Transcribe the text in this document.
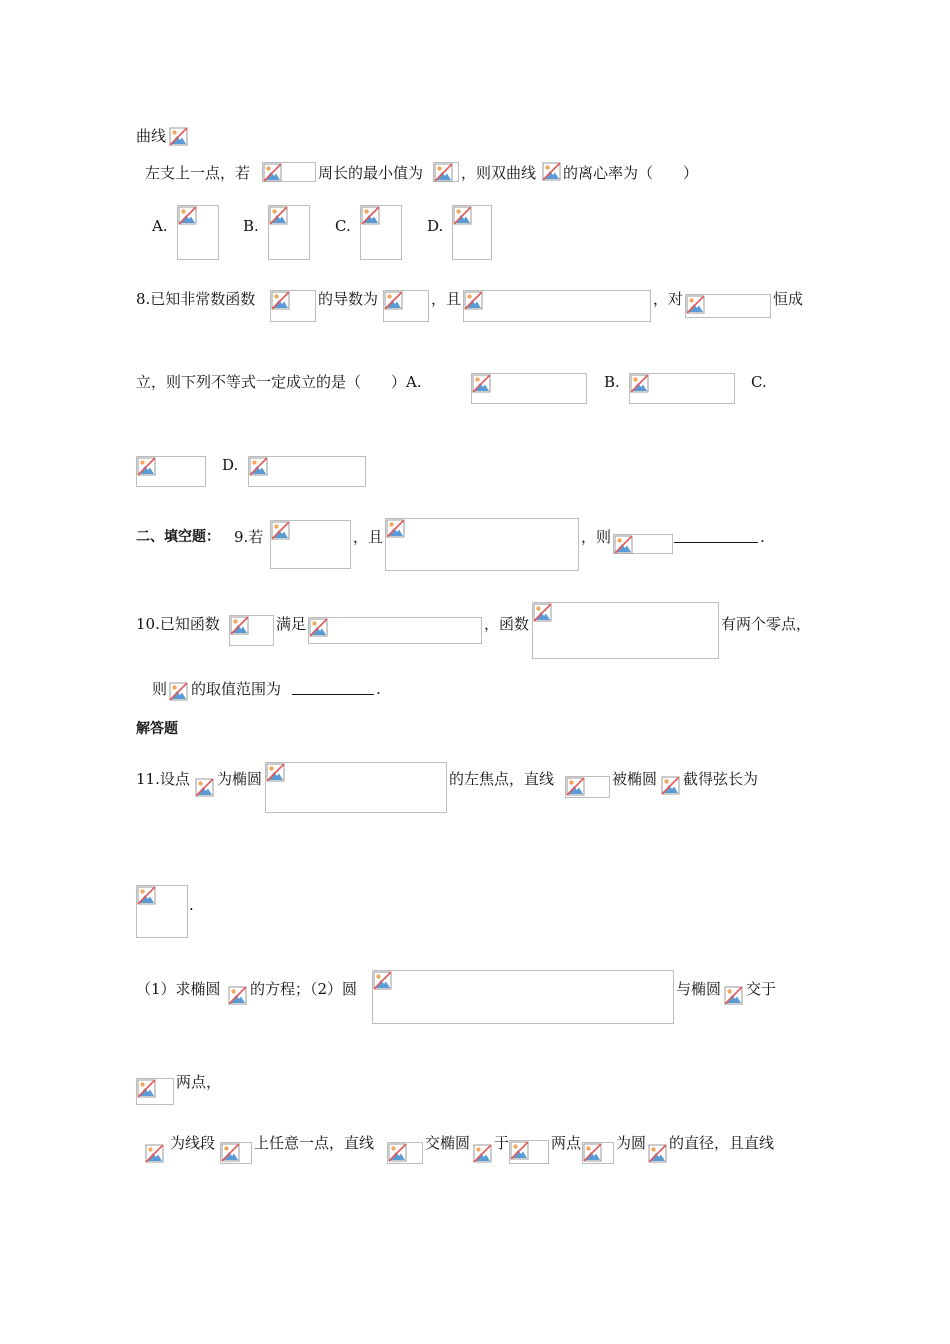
曲线
左支上一点，若	周长的最小值为	，则双曲线 的离心率为（　　）
A.	B.	C.	D.
8.已知非常数函数	的导数为	，且	，对	恒成
立，则下列不等式一定成立的是（　　）A.	B.	C.
D.
二、填空题： 9.若	，且	，则	.
10.已知函数	满足	，函数	有两个零点，
则 的取值范围为	.
解答题
11.设点 为椭圆	的左焦点，直线	被椭圆 截得弦长为
.
（1）求椭圆 的方程；（2）圆	与椭圆 交于
两点，
为线段	上任意一点，直线	交椭圆 于	两点 为圆 的直径，且直线
